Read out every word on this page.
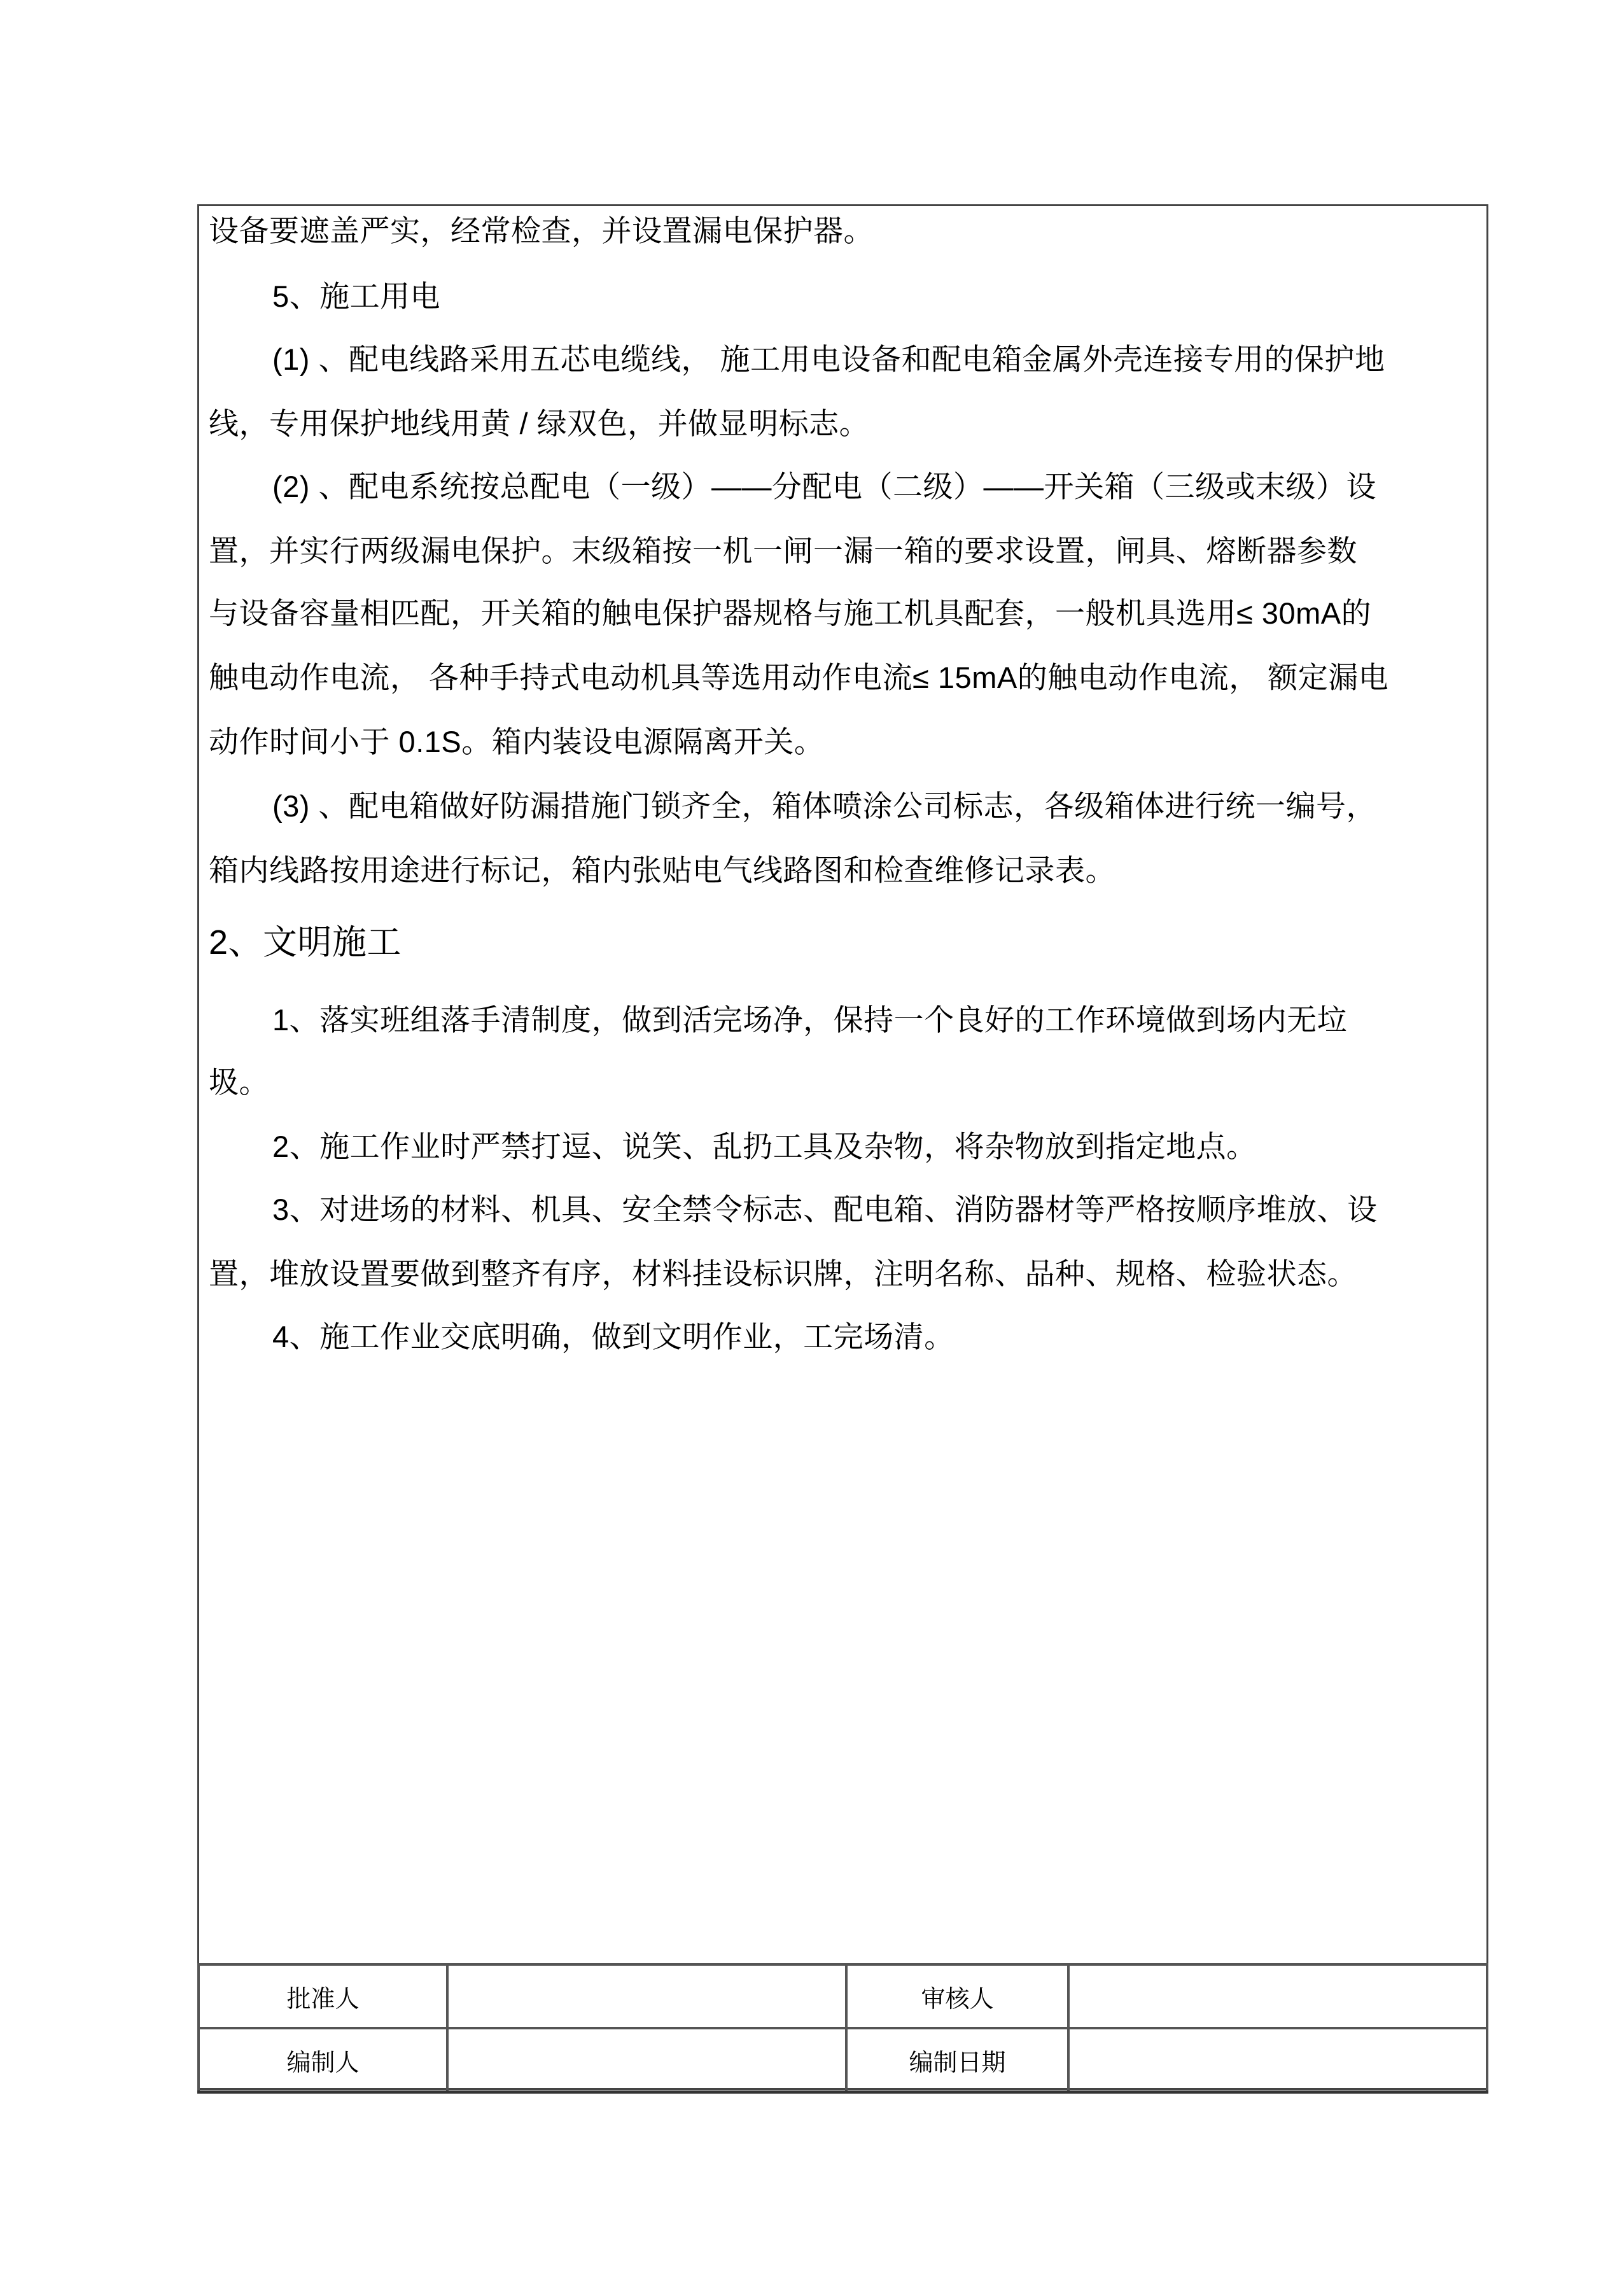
设备要遮盖严实，经常检查，并设置漏电保护器。
5、施工用电
(1) 、配电线路采用五芯电缆线， 施工用电设备和配电箱金属外壳连接专用的保护地
线，专用保护地线用黄 / 绿双色，并做显明标志。
(2) 、配电系统按总配电（一级）——分配电（二级）——开关箱（三级或末级）设
置，并实行两级漏电保护。末级箱按一机一闸一漏一箱的要求设置，闸具、熔断器参数
与设备容量相匹配，开关箱的触电保护器规格与施工机具配套，一般机具选用≤ 30mA的
触电动作电流， 各种手持式电动机具等选用动作电流≤ 15mA的触电动作电流， 额定漏电
动作时间小于 0.1S。箱内装设电源隔离开关。
(3) 、配电箱做好防漏措施门锁齐全，箱体喷涂公司标志，各级箱体进行统一编号，
箱内线路按用途进行标记，箱内张贴电气线路图和检查维修记录表。
2、文明施工
1、落实班组落手清制度，做到活完场净，保持一个良好的工作环境做到场内无垃
圾。
2、施工作业时严禁打逗、说笑、乱扔工具及杂物，将杂物放到指定地点。
3、对进场的材料、机具、安全禁令标志、配电箱、消防器材等严格按顺序堆放、设
置，堆放设置要做到整齐有序，材料挂设标识牌，注明名称、品种、规格、检验状态。
4、施工作业交底明确，做到文明作业，工完场清。
批准人		审核人	
编制人		编制日期	
